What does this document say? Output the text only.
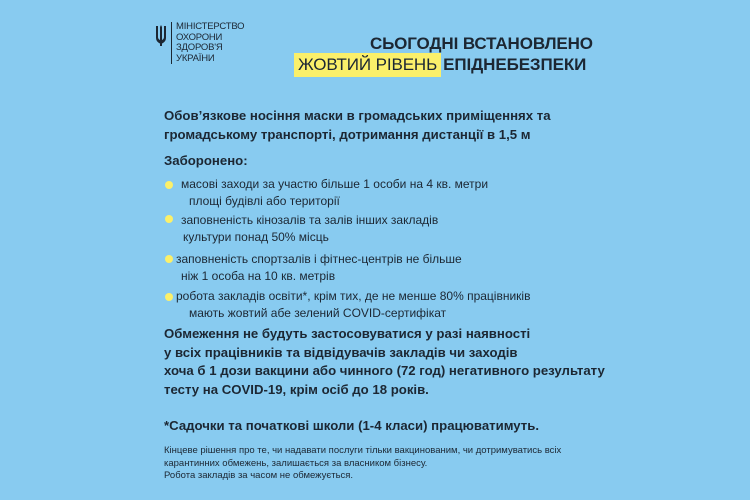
МІНІСТЕРСТВО
ОХОРОНИ
ЗДОРОВ'Я
УКРАЇНИ
СЬОГОДНІ ВСТАНОВЛЕНО
ЖОВТИЙ РІВЕНЬ ЕПІДНЕБЕЗПЕКИ
Обов’язкове носіння маски в громадських приміщеннях та
громадському транспорті, дотримання дистанції в 1,5 м
Заборонено:
масові заходи за участю більше 1 особи на 4 кв. метри
площі будівлі або території
заповненість кінозалів та залів інших закладів
культури понад 50% місць
заповненість спортзалів і фітнес-центрів не більше
ніж 1 особа на 10 кв. метрів
робота закладів освіти*, крім тих, де не менше 80% працівників
мають жовтий абе зелений COVID-сертифікат
Обмеження не будуть застосовуватися у разі наявності
у всіх працівників та відвідувачів закладів чи заходів
хоча б 1 дози вакцини або чинного (72 год) негативного результату
тесту на COVID-19, крім осіб до 18 років.
*Садочки та початкові школи (1-4 класи) працюватимуть.
Кінцеве рішення про те, чи надавати послуги тільки вакцинованим, чи дотримуватись всіх
карантинних обмежень, залишається за власником бізнесу.
Робота закладів за часом не обмежується.
